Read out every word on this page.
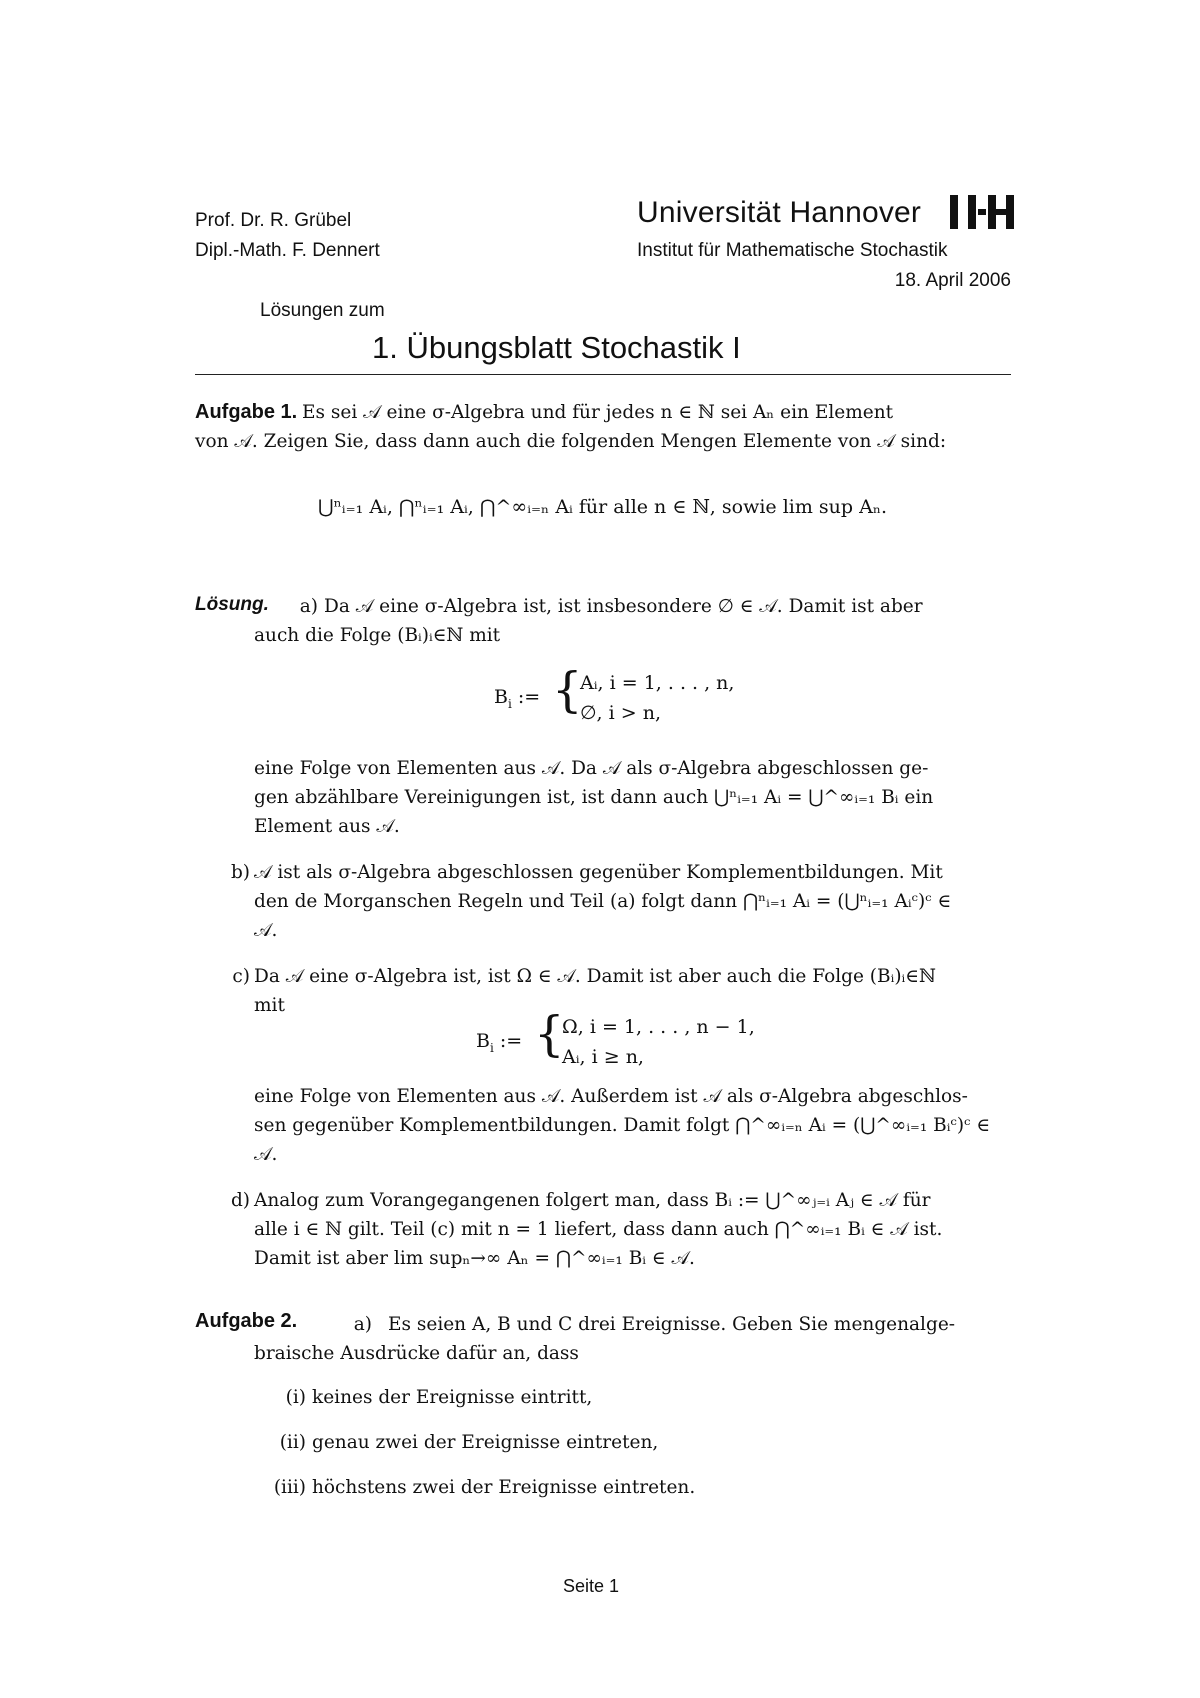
Prof. Dr. R. Grübel
Dipl.-Math. F. Dennert
Universität Hannover
Institut für Mathematische Stochastik
18. April 2006
Lösungen zum
1. Übungsblatt Stochastik I
Aufgabe 1. Es sei 𝒜 eine σ-Algebra und für jedes n ∈ ℕ sei Aₙ ein Element
von 𝒜. Zeigen Sie, dass dann auch die folgenden Mengen Elemente von 𝒜 sind:
⋃ⁿᵢ₌₁ Aᵢ, ⋂ⁿᵢ₌₁ Aᵢ, ⋂^∞ᵢ₌ₙ Aᵢ für alle n ∈ ℕ, sowie lim sup Aₙ.
Lösung. a) Da 𝒜 eine σ-Algebra ist, ist insbesondere ∅ ∈ 𝒜. Damit ist aber
auch die Folge (Bᵢ)ᵢ∈ℕ mit
$B_i$ := {
Aᵢ, i = 1, . . . , n,
∅, i > n,
eine Folge von Elementen aus 𝒜. Da 𝒜 als σ-Algebra abgeschlossen ge-
gen abzählbare Vereinigungen ist, ist dann auch ⋃ⁿᵢ₌₁ Aᵢ = ⋃^∞ᵢ₌₁ Bᵢ ein
Element aus 𝒜.
b) 𝒜 ist als σ-Algebra abgeschlossen gegenüber Komplementbildungen. Mit
den de Morganschen Regeln und Teil (a) folgt dann ⋂ⁿᵢ₌₁ Aᵢ = (⋃ⁿᵢ₌₁ Aᵢᶜ)ᶜ ∈
𝒜.
c) Da 𝒜 eine σ-Algebra ist, ist Ω ∈ 𝒜. Damit ist aber auch die Folge (Bᵢ)ᵢ∈ℕ
mit
$B_i$ := {
Ω, i = 1, . . . , n − 1,
Aᵢ, i ≥ n,
eine Folge von Elementen aus 𝒜. Außerdem ist 𝒜 als σ-Algebra abgeschlos-
sen gegenüber Komplementbildungen. Damit folgt ⋂^∞ᵢ₌ₙ Aᵢ = (⋃^∞ᵢ₌₁ Bᵢᶜ)ᶜ ∈
𝒜.
d) Analog zum Vorangegangenen folgert man, dass Bᵢ := ⋃^∞ⱼ₌ᵢ Aⱼ ∈ 𝒜 für
alle i ∈ ℕ gilt. Teil (c) mit n = 1 liefert, dass dann auch ⋂^∞ᵢ₌₁ Bᵢ ∈ 𝒜 ist.
Damit ist aber lim supₙ→∞ Aₙ = ⋂^∞ᵢ₌₁ Bᵢ ∈ 𝒜.
Aufgabe 2.	a) Es seien A, B und C drei Ereignisse. Geben Sie mengenalge-
braische Ausdrücke dafür an, dass
(i) keines der Ereignisse eintritt,
(ii) genau zwei der Ereignisse eintreten,
(iii) höchstens zwei der Ereignisse eintreten.
Seite 1
